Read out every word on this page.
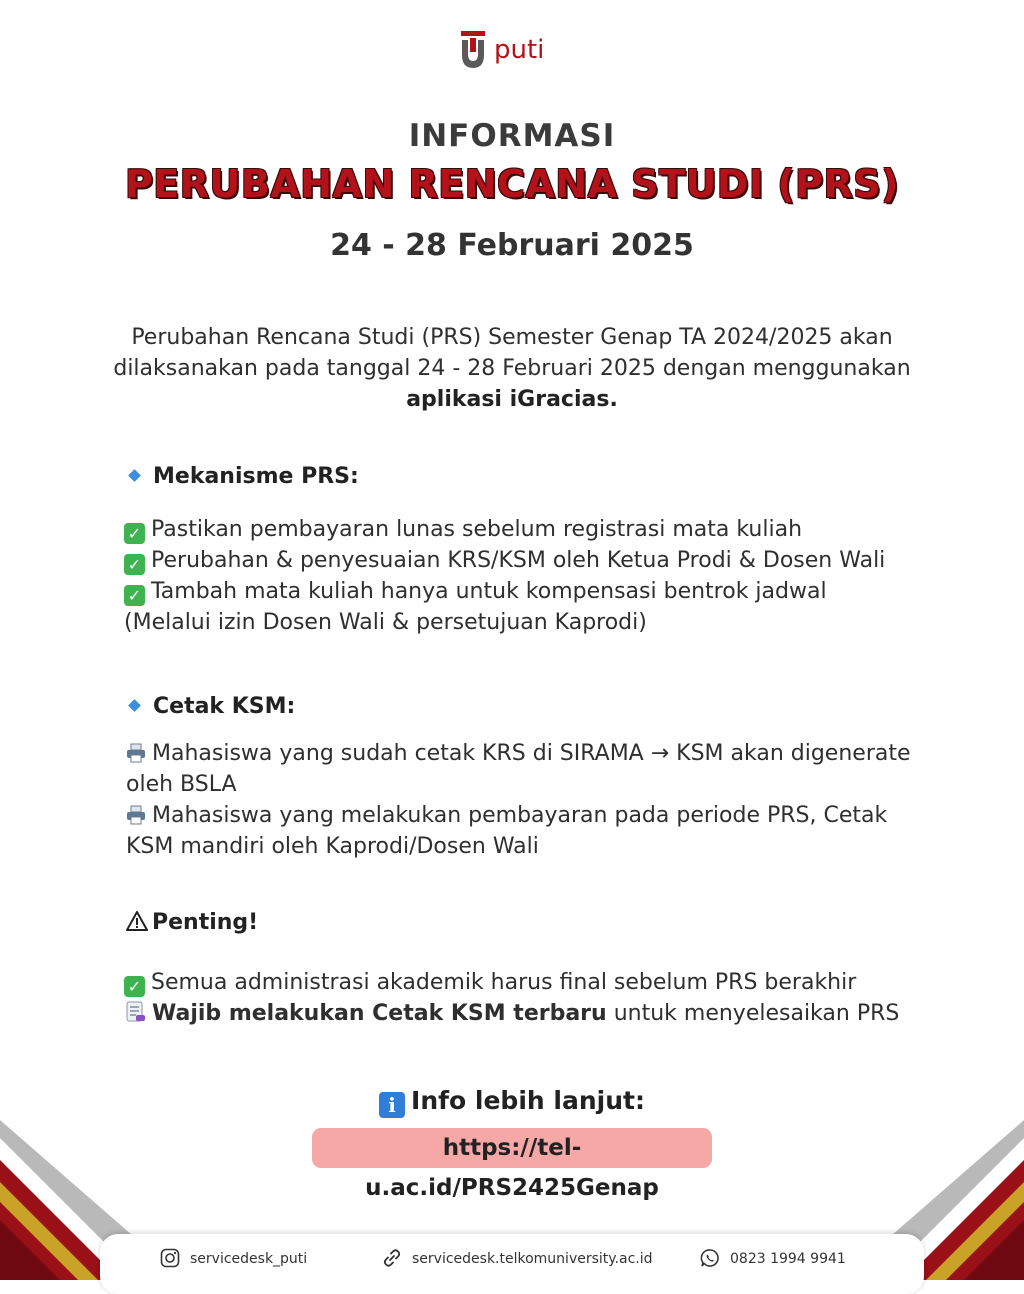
puti
INFORMASI
PERUBAHAN RENCANA STUDI (PRS)
24 - 28 Februari 2025
Perubahan Rencana Studi (PRS) Semester Genap TA 2024/2025 akan dilaksanakan pada tanggal 24 - 28 Februari 2025 dengan menggunakan
aplikasi iGracias.
Mekanisme PRS:
✓ Pastikan pembayaran lunas sebelum registrasi mata kuliah
✓ Perubahan & penyesuaian KRS/KSM oleh Ketua Prodi & Dosen Wali
✓ Tambah mata kuliah hanya untuk kompensasi bentrok jadwal
(Melalui izin Dosen Wali & persetujuan Kaprodi)
Cetak KSM:
Mahasiswa yang sudah cetak KRS di SIRAMA → KSM akan digenerate oleh BSLA
Mahasiswa yang melakukan pembayaran pada periode PRS, Cetak KSM mandiri oleh Kaprodi/Dosen Wali
Penting!
✓ Semua administrasi akademik harus final sebelum PRS berakhir
Wajib melakukan Cetak KSM terbaru untuk menyelesaikan PRS
i Info lebih lanjut:
https://tel-u.ac.id/PRS2425Genap
servicedesk_puti	servicedesk.telkomuniversity.ac.id	0823 1994 9941
